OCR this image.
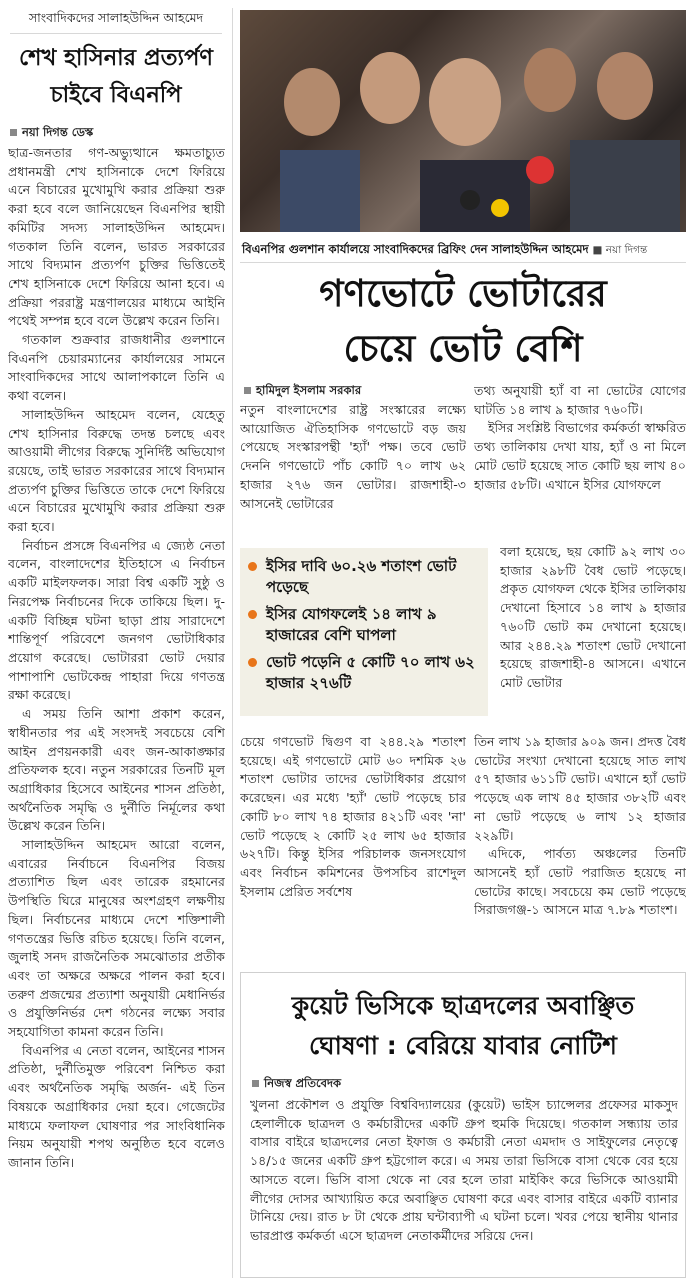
সাংবাদিকদের সালাহউদ্দিন আহমেদ
শেখ হাসিনার প্রত্যর্পণ
চাইবে বিএনপি
নয়া দিগন্ত ডেস্ক

ছাত্র-জনতার গণ-অভ্যুত্থানে ক্ষমতাচ্যুত প্রধানমন্ত্রী শেখ হাসিনাকে দেশে ফিরিয়ে এনে বিচারের মুখোমুখি করার প্রক্রিয়া শুরু করা হবে বলে জানিয়েছেন বিএনপির স্থায়ী কমিটির সদস্য সালাহউদ্দিন আহমেদ। গতকাল তিনি বলেন, ভারত সরকারের সাথে বিদ্যমান প্রত্যর্পণ চুক্তির ভিত্তিতেই শেখ হাসিনাকে দেশে ফিরিয়ে আনা হবে। এ প্রক্রিয়া পররাষ্ট্র মন্ত্রণালয়ের মাধ্যমে আইনি পথেই সম্পন্ন হবে বলে উল্লেখ করেন তিনি।

গতকাল শুক্রবার রাজধানীর গুলশানে বিএনপি চেয়ারম্যানের কার্যালয়ের সামনে সাংবাদিকদের সাথে আলাপকালে তিনি এ কথা বলেন।

সালাহউদ্দিন আহমেদ বলেন, যেহেতু শেখ হাসিনার বিরুদ্ধে তদন্ত চলছে এবং আওয়ামী লীগের বিরুদ্ধে সুনির্দিষ্ট অভিযোগ রয়েছে, তাই ভারত সরকারের সাথে বিদ্যমান প্রত্যর্পণ চুক্তির ভিত্তিতে তাকে দেশে ফিরিয়ে এনে বিচারের মুখোমুখি করার প্রক্রিয়া শুরু করা হবে।

নির্বাচন প্রসঙ্গে বিএনপির এ জ্যেষ্ঠ নেতা বলেন, বাংলাদেশের ইতিহাসে এ নির্বাচন একটি মাইলফলক। সারা বিশ্ব একটি সুষ্ঠু ও নিরপেক্ষ নির্বাচনের দিকে তাকিয়ে ছিল। দু-একটি বিচ্ছিন্ন ঘটনা ছাড়া প্রায় সারাদেশে শান্তিপূর্ণ পরিবেশে জনগণ ভোটাধিকার প্রয়োগ করেছে। ভোটাররা ভোট দেয়ার পাশাপাশি ভোটকেন্দ্র পাহারা দিয়ে গণতন্ত্র রক্ষা করেছে।

এ সময় তিনি আশা প্রকাশ করেন, স্বাধীনতার পর এই সংসদই সবচেয়ে বেশি আইন প্রণয়নকারী এবং জন-আকাঙ্ক্ষার প্রতিফলক হবে। নতুন সরকারের তিনটি মূল অগ্রাধিকার হিসেবে আইনের শাসন প্রতিষ্ঠা, অর্থনৈতিক সমৃদ্ধি ও দুর্নীতি নির্মূলের কথা উল্লেখ করেন তিনি।

সালাহউদ্দিন আহমেদ আরো বলেন, এবারের নির্বাচনে বিএনপির বিজয় প্রত্যাশিত ছিল এবং তারেক রহমানের উপস্থিতি ঘিরে মানুষের অংশগ্রহণ লক্ষণীয় ছিল। নির্বাচনের মাধ্যমে দেশে শক্তিশালী গণতন্ত্রের ভিত্তি রচিত হয়েছে। তিনি বলেন, জুলাই সনদ রাজনৈতিক সমঝোতার প্রতীক এবং তা অক্ষরে অক্ষরে পালন করা হবে। তরুণ প্রজন্মের প্রত্যাশা অনুযায়ী মেধানির্ভর ও প্রযুক্তিনির্ভর দেশ গঠনের লক্ষ্যে সবার সহযোগিতা কামনা করেন তিনি।

বিএনপির এ নেতা বলেন, আইনের শাসন প্রতিষ্ঠা, দুর্নীতিমুক্ত পরিবেশ নিশ্চিত করা এবং অর্থনৈতিক সমৃদ্ধি অর্জন- এই তিন বিষয়কে অগ্রাধিকার দেয়া হবে। গেজেটের মাধ্যমে ফলাফল ঘোষণার পর সাংবিধানিক নিয়ম অনুযায়ী শপথ অনুষ্ঠিত হবে বলেও জানান তিনি।

বিএনপির গুলশান কার্যালয়ে সাংবাদিকদের ব্রিফিং দেন সালাহউদ্দিন আহমেদ ■ নয়া দিগন্ত
গণভোটে ভোটারের
চেয়ে ভোট বেশি
হামিদুল ইসলাম সরকার

নতুন বাংলাদেশের রাষ্ট্র সংস্কারের লক্ষ্যে আয়োজিত ঐতিহাসিক গণভোটে বড় জয় পেয়েছে সংস্কারপন্থী 'হ্যাঁ' পক্ষ। তবে ভোট দেননি গণভোটে পাঁচ কোটি ৭০ লাখ ৬২ হাজার ২৭৬ জন ভোটার। রাজশাহী-৩ আসনেই ভোটারের

ইসির দাবি ৬০.২৬ শতাংশ ভোট পড়েছে
ইসির যোগফলেই ১৪ লাখ ৯ হাজারের বেশি ঘাপলা
ভোট পড়েনি ৫ কোটি ৭০ লাখ ৬২ হাজার ২৭৬টি

চেয়ে গণভোট দ্বিগুণ বা ২৪৪.২৯ শতাংশ হয়েছে। এই গণভোটে মোট ৬০ দশমিক ২৬ শতাংশ ভোটার তাদের ভোটাধিকার প্রয়োগ করেছেন। এর মধ্যে 'হ্যাঁ' ভোট পড়েছে চার কোটি ৮০ লাখ ৭৪ হাজার ৪২১টি এবং 'না' ভোট পড়েছে ২ কোটি ২৫ লাখ ৬৫ হাজার ৬২৭টি। কিন্তু ইসির পরিচালক জনসংযোগ এবং নির্বাচন কমিশনের উপসচিব রাশেদুল ইসলাম প্রেরিত সর্বশেষ

তথ্য অনুযায়ী হ্যাঁ বা না ভোটের যোগের ঘাটতি ১৪ লাখ ৯ হাজার ৭৬০টি।

ইসির সংশ্লিষ্ট বিভাগের কর্মকর্তা স্বাক্ষরিত তথ্য তালিকায় দেখা যায়, হ্যাঁ ও না মিলে মোট ভোট হয়েছে সাত কোটি ছয় লাখ ৪০ হাজার ৫৮টি। এখানে ইসির যোগফলে

বলা হয়েছে, ছয় কোটি ৯২ লাখ ৩০ হাজার ২৯৮টি বৈধ ভোট পড়েছে। প্রকৃত যোগফল থেকে ইসির তালিকায় দেখানো হিসাবে ১৪ লাখ ৯ হাজার ৭৬০টি ভোট কম দেখানো হয়েছে। আর ২৪৪.২৯ শতাংশ ভোট দেখানো হয়েছে রাজশাহী-৪ আসনে। এখানে মোট ভোটার

তিন লাখ ১৯ হাজার ৯০৯ জন। প্রদত্ত বৈধ ভোটের সংখ্যা দেখানো হয়েছে সাত লাখ ৫৭ হাজার ৬১১টি ভোট। এখানে হ্যাঁ ভোট পড়েছে এক লাখ ৪৫ হাজার ৩৮২টি এবং না ভোট পড়েছে ৬ লাখ ১২ হাজার ২২৯টি।

এদিকে, পার্বত্য অঞ্চলের তিনটি আসনেই হ্যাঁ ভোট পরাজিত হয়েছে না ভোটের কাছে। সবচেয়ে কম ভোট পড়েছে সিরাজগঞ্জ-১ আসনে মাত্র ৭.৮৯ শতাংশ।

কুয়েট ভিসিকে ছাত্রদলের অবাঞ্ছিত
ঘোষণা : বেরিয়ে যাবার নোটিশ
নিজস্ব প্রতিবেদক

খুলনা প্রকৌশল ও প্রযুক্তি বিশ্ববিদ্যালয়ের (কুয়েট) ভাইস চ্যান্সেলর প্রফেসর মাকসুদ হেলালীকে ছাত্রদল ও কর্মচারীদের একটি গ্রুপ হুমকি দিয়েছে। গতকাল সন্ধ্যায় তার বাসার বাইরে ছাত্রদলের নেতা ইফাজ ও কর্মচারী নেতা এমদাদ ও সাইফুলের নেতৃত্বে ১৪/১৫ জনের একটি গ্রুপ হট্টগোল করে। এ সময় তারা ভিসিকে বাসা থেকে বের হয়ে আসতে বলে। ভিসি বাসা থেকে না বের হলে তারা মাইকিং করে ভিসিকে আওয়ামী লীগের দোসর আখ্যায়িত করে অবাঞ্ছিত ঘোষণা করে এবং বাসার বাইরে একটি ব্যানার টানিয়ে দেয়। রাত ৮ টা থেকে প্রায় ঘন্টাব্যাপী এ ঘটনা চলে। খবর পেয়ে স্থানীয় থানার ভারপ্রাপ্ত কর্মকর্তা এসে ছাত্রদল নেতাকর্মীদের সরিয়ে দেন।
